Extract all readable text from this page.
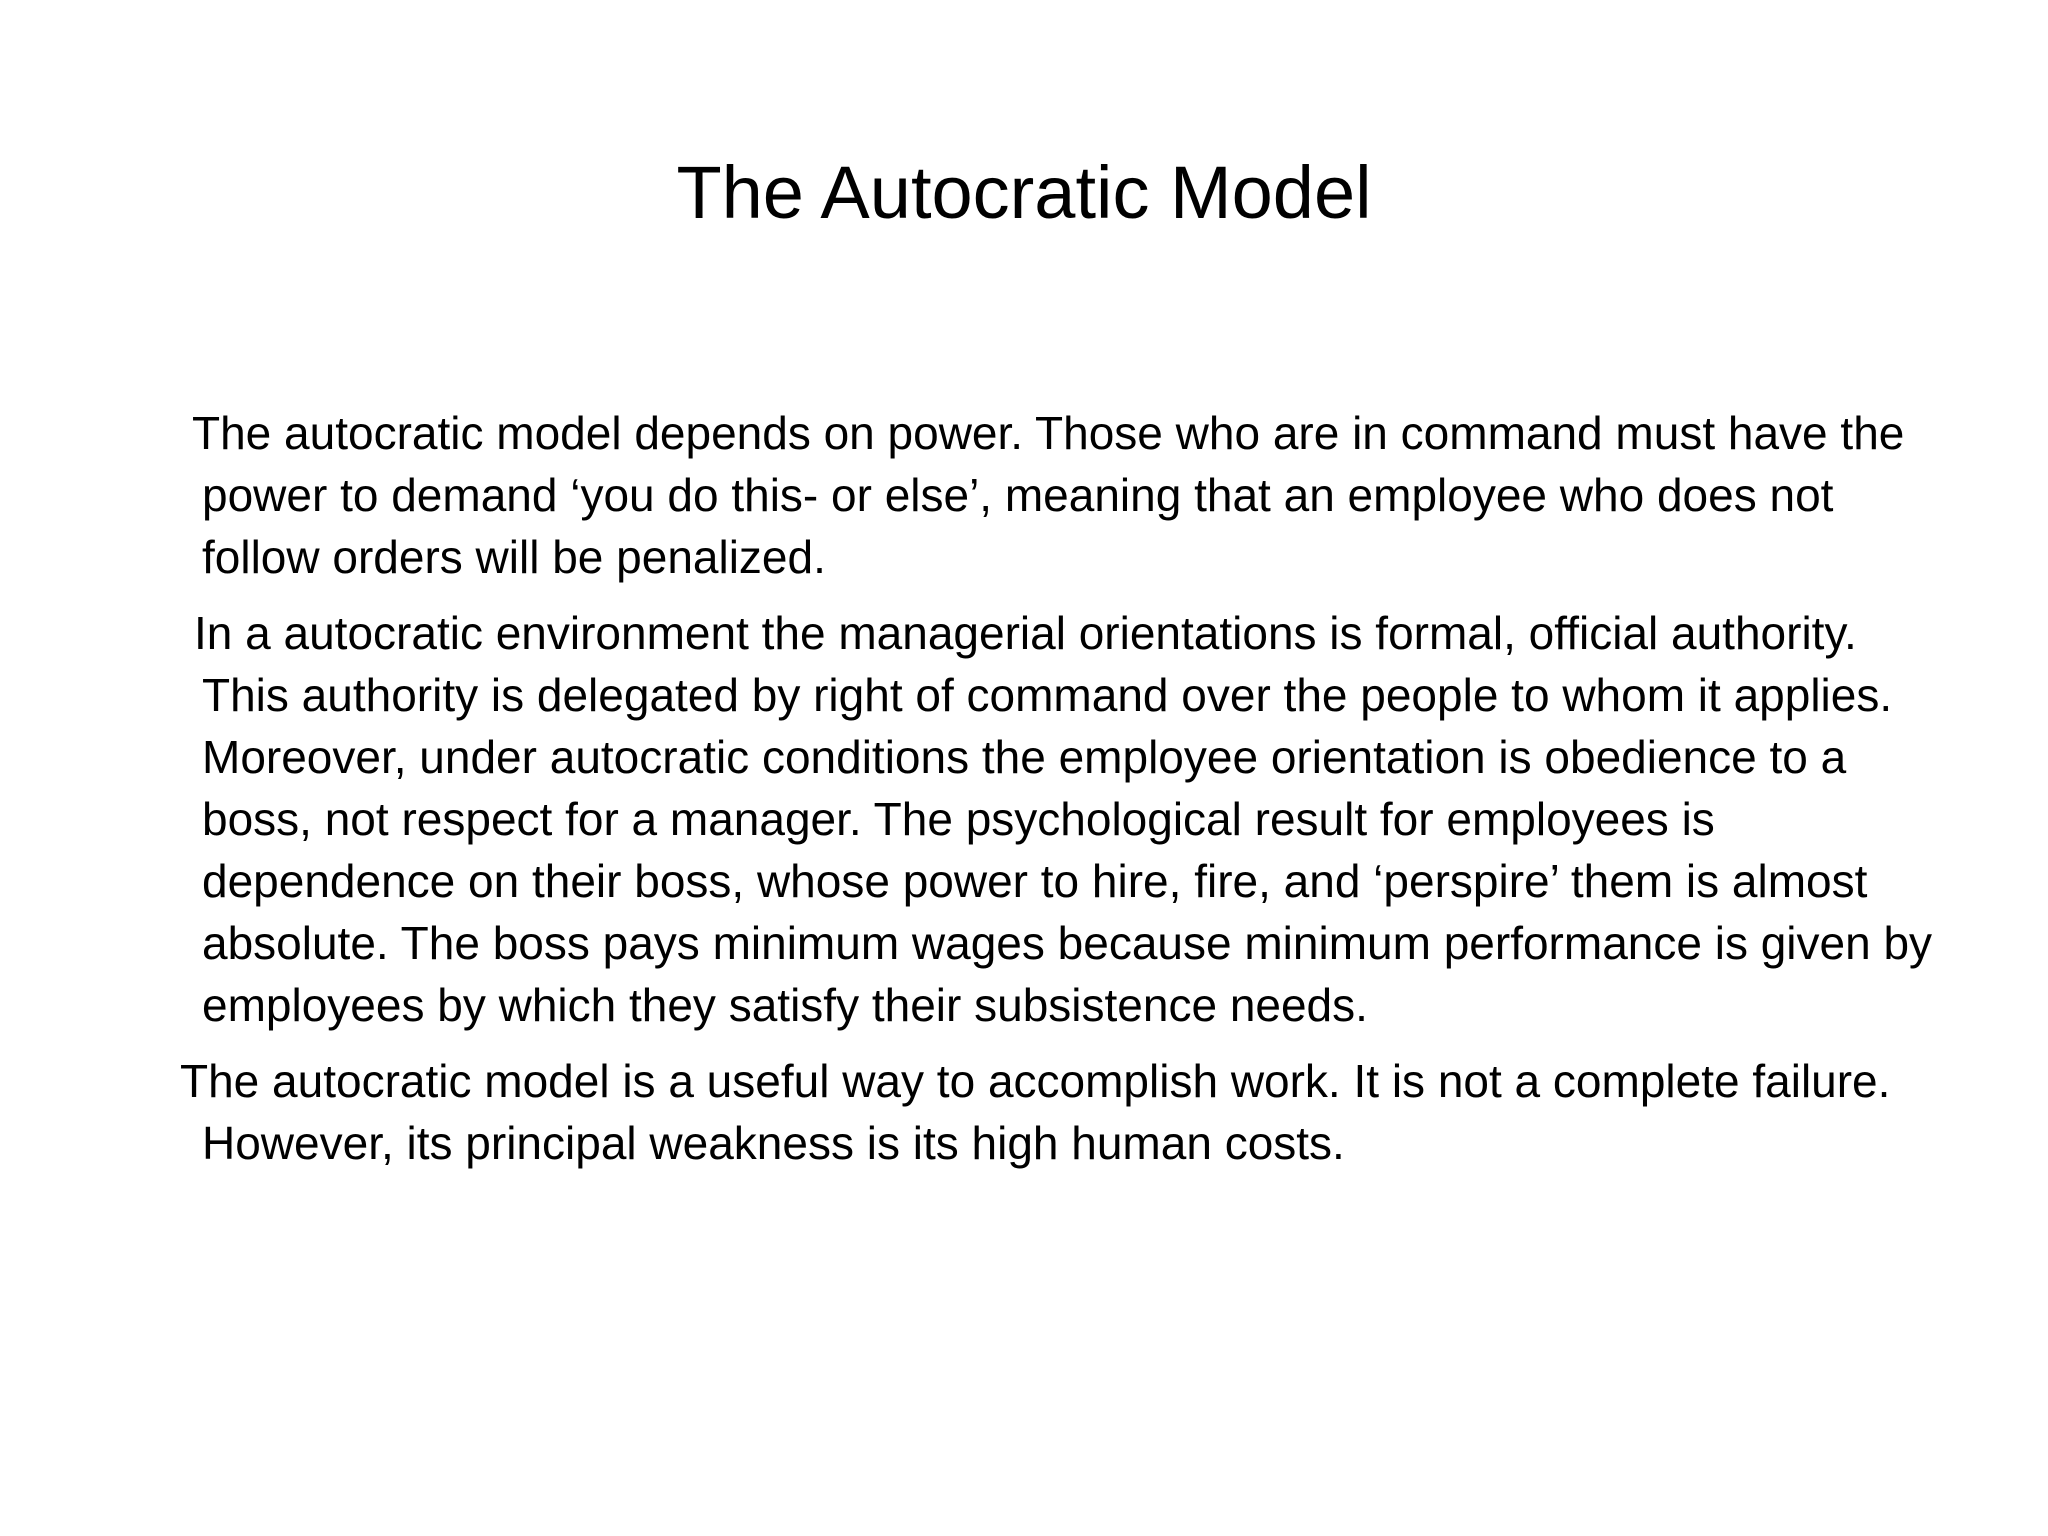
The Autocratic Model

The autocratic model depends on power. Those who are in command must have the power to demand ‘you do this- or else’, meaning that an employee who does not follow orders will be penalized.

In a autocratic environment the managerial orientations is formal, official authority. This authority is delegated by right of command over the people to whom it applies. Moreover, under autocratic conditions the employee orientation is obedience to a boss, not respect for a manager. The psychological result for employees is dependence on their boss, whose power to hire, fire, and ‘perspire’ them is almost absolute. The boss pays minimum wages because minimum performance is given by employees by which they satisfy their subsistence needs.

The autocratic model is a useful way to accomplish work. It is not a complete failure. However, its principal weakness is its high human costs.
